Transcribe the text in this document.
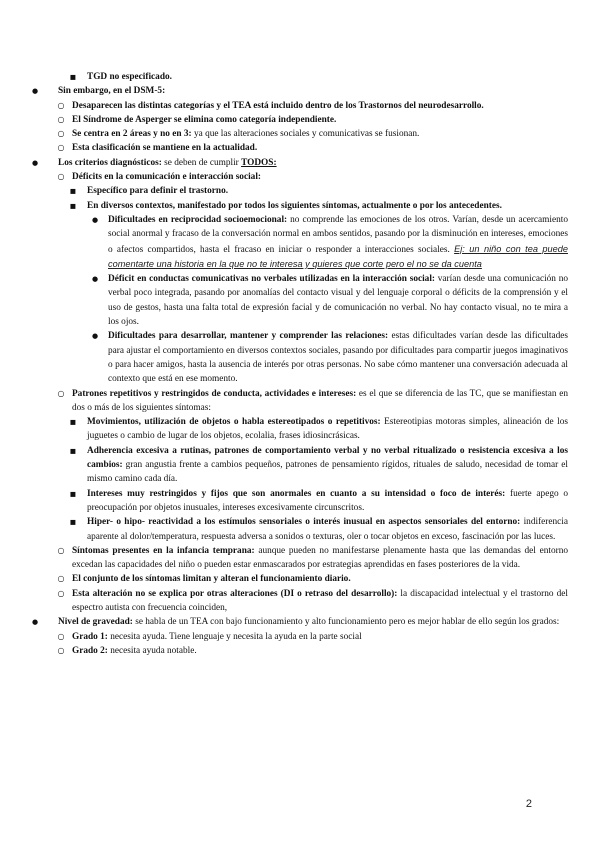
■ TGD no especificado.
● Sin embargo, en el DSM-5:
○ Desaparecen las distintas categorías y el TEA está incluido dentro de los Trastornos del neurodesarrollo.
○ El Síndrome de Asperger se elimina como categoría independiente.
○ Se centra en 2 áreas y no en 3: ya que las alteraciones sociales y comunicativas se fusionan.
○ Esta clasificación se mantiene en la actualidad.
● Los criterios diagnósticos: se deben de cumplir TODOS:
○ Déficits en la comunicación e interacción social:
■ Específico para definir el trastorno.
■ En diversos contextos, manifestado por todos los siguientes síntomas, actualmente o por los antecedentes.
● Dificultades en reciprocidad socioemocional: no comprende las emociones de los otros. Varían, desde un acercamiento social anormal y fracaso de la conversación normal en ambos sentidos, pasando por la disminución en intereses, emociones o afectos compartidos, hasta el fracaso en iniciar o responder a interacciones sociales. Ej: un niño con tea puede comentarte una historia en la que no te interesa y quieres que corte pero el no se da cuenta
● Déficit en conductas comunicativas no verbales utilizadas en la interacción social: varían desde una comunicación no verbal poco integrada, pasando por anomalías del contacto visual y del lenguaje corporal o déficits de la comprensión y el uso de gestos, hasta una falta total de expresión facial y de comunicación no verbal. No hay contacto visual, no te mira a los ojos.
● Dificultades para desarrollar, mantener y comprender las relaciones: estas dificultades varían desde las dificultades para ajustar el comportamiento en diversos contextos sociales, pasando por dificultades para compartir juegos imaginativos o para hacer amigos, hasta la ausencia de interés por otras personas. No sabe cómo mantener una conversación adecuada al contexto que está en ese momento.
○ Patrones repetitivos y restringidos de conducta, actividades e intereses: es el que se diferencia de las TC, que se manifiestan en dos o más de los siguientes síntomas:
■ Movimientos, utilización de objetos o habla estereotipados o repetitivos: Estereotipias motoras simples, alineación de los juguetes o cambio de lugar de los objetos, ecolalia, frases idiosincrásicas.
■ Adherencia excesiva a rutinas, patrones de comportamiento verbal y no verbal ritualizado o resistencia excesiva a los cambios: gran angustia frente a cambios pequeños, patrones de pensamiento rígidos, rituales de saludo, necesidad de tomar el mismo camino cada día.
■ Intereses muy restringidos y fijos que son anormales en cuanto a su intensidad o foco de interés: fuerte apego o preocupación por objetos inusuales, intereses excesivamente circunscritos.
■ Hiper- o hipo- reactividad a los estímulos sensoriales o interés inusual en aspectos sensoriales del entorno: indiferencia aparente al dolor/temperatura, respuesta adversa a sonidos o texturas, oler o tocar objetos en exceso, fascinación por las luces.
○ Síntomas presentes en la infancia temprana: aunque pueden no manifestarse plenamente hasta que las demandas del entorno excedan las capacidades del niño o pueden estar enmascarados por estrategias aprendidas en fases posteriores de la vida.
○ El conjunto de los síntomas limitan y alteran el funcionamiento diario.
○ Esta alteración no se explica por otras alteraciones (DI o retraso del desarrollo): la discapacidad intelectual y el trastorno del espectro autista con frecuencia coinciden,
● Nivel de gravedad: se habla de un TEA con bajo funcionamiento y alto funcionamiento pero es mejor hablar de ello según los grados:
○ Grado 1: necesita ayuda. Tiene lenguaje y necesita la ayuda en la parte social
○ Grado 2: necesita ayuda notable.
2
